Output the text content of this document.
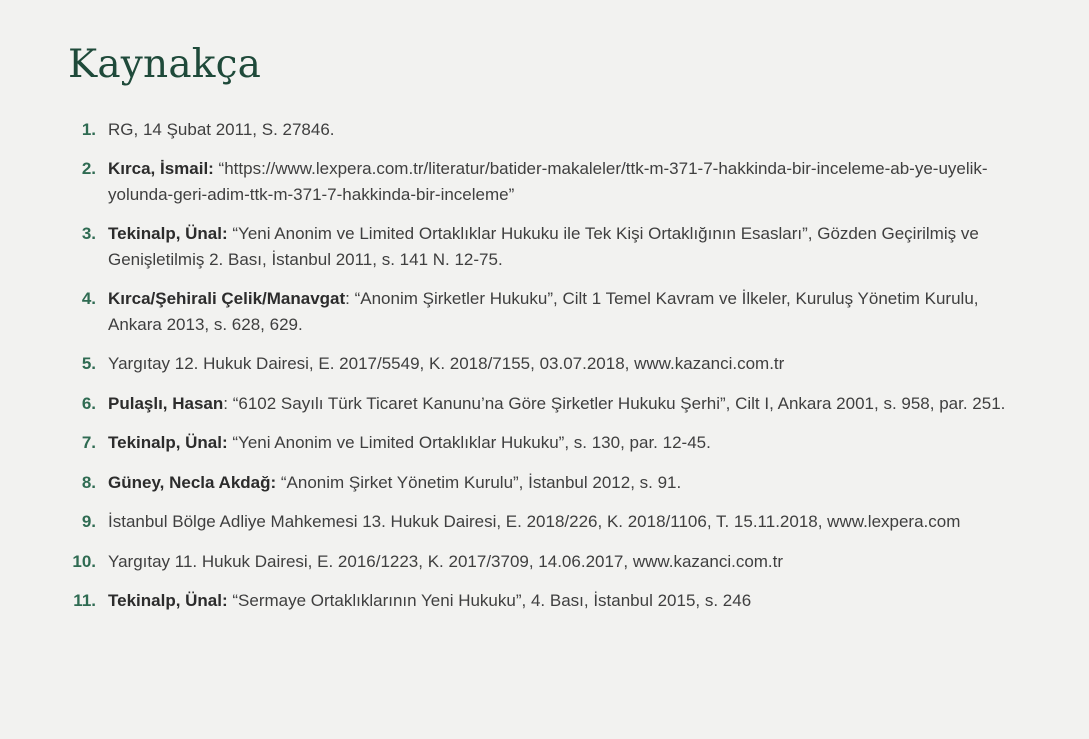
Kaynakça
1. RG, 14 Şubat 2011, S. 27846.
2. Kırca, İsmail: “https://www.lexpera.com.tr/literatur/batider-makaleler/ttk-m-371-7-hakkinda-bir-inceleme-ab-ye-uyelik-yolunda-geri-adim-ttk-m-371-7-hakkinda-bir-inceleme”
3. Tekinalp, Ünal: “Yeni Anonim ve Limited Ortaklıklar Hukuku ile Tek Kişi Ortaklığının Esasları”, Gözden Geçirilmiş ve Genişletilmiş 2. Bası, İstanbul 2011, s. 141 N. 12-75.
4. Kırca/Şehirali Çelik/Manavgat: “Anonim Şirketler Hukuku”, Cilt 1 Temel Kavram ve İlkeler, Kuruluş Yönetim Kurulu, Ankara 2013, s. 628, 629.
5. Yargıtay 12. Hukuk Dairesi, E. 2017/5549, K. 2018/7155, 03.07.2018, www.kazanci.com.tr
6. Pulaşlı, Hasan: “6102 Sayılı Türk Ticaret Kanunu’na Göre Şirketler Hukuku Şerhi”, Cilt I, Ankara 2001, s. 958, par. 251.
7. Tekinalp, Ünal: “Yeni Anonim ve Limited Ortaklıklar Hukuku”, s. 130, par. 12-45.
8. Güney, Necla Akdağ: “Anonim Şirket Yönetim Kurulu”, İstanbul 2012, s. 91.
9. İstanbul Bölge Adliye Mahkemesi 13. Hukuk Dairesi, E. 2018/226, K. 2018/1106, T. 15.11.2018, www.lexpera.com
10. Yargıtay 11. Hukuk Dairesi, E. 2016/1223, K. 2017/3709, 14.06.2017, www.kazanci.com.tr
11. Tekinalp, Ünal: “Sermaye Ortaklıklarının Yeni Hukuku”, 4. Bası, İstanbul 2015, s. 246
